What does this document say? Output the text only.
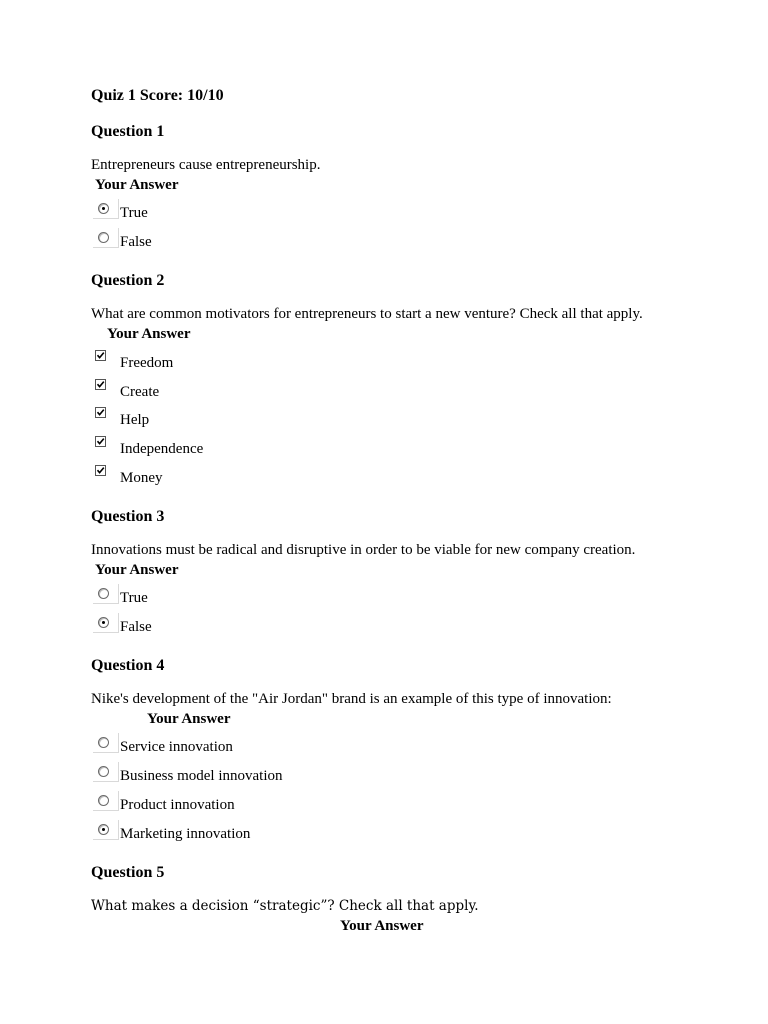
Quiz 1 Score: 10/10
Question 1
Entrepreneurs cause entrepreneurship.
Your Answer
True
False
Question 2
What are common motivators for entrepreneurs to start a new venture? Check all that apply.
Your Answer
Freedom
Create
Help
Independence
Money
Question 3
Innovations must be radical and disruptive in order to be viable for new company creation.
Your Answer
True
False
Question 4
Nike's development of the "Air Jordan" brand is an example of this type of innovation:
Your Answer
Service innovation
Business model innovation
Product innovation
Marketing innovation
Question 5
What makes a decision “strategic”? Check all that apply.
Your Answer
